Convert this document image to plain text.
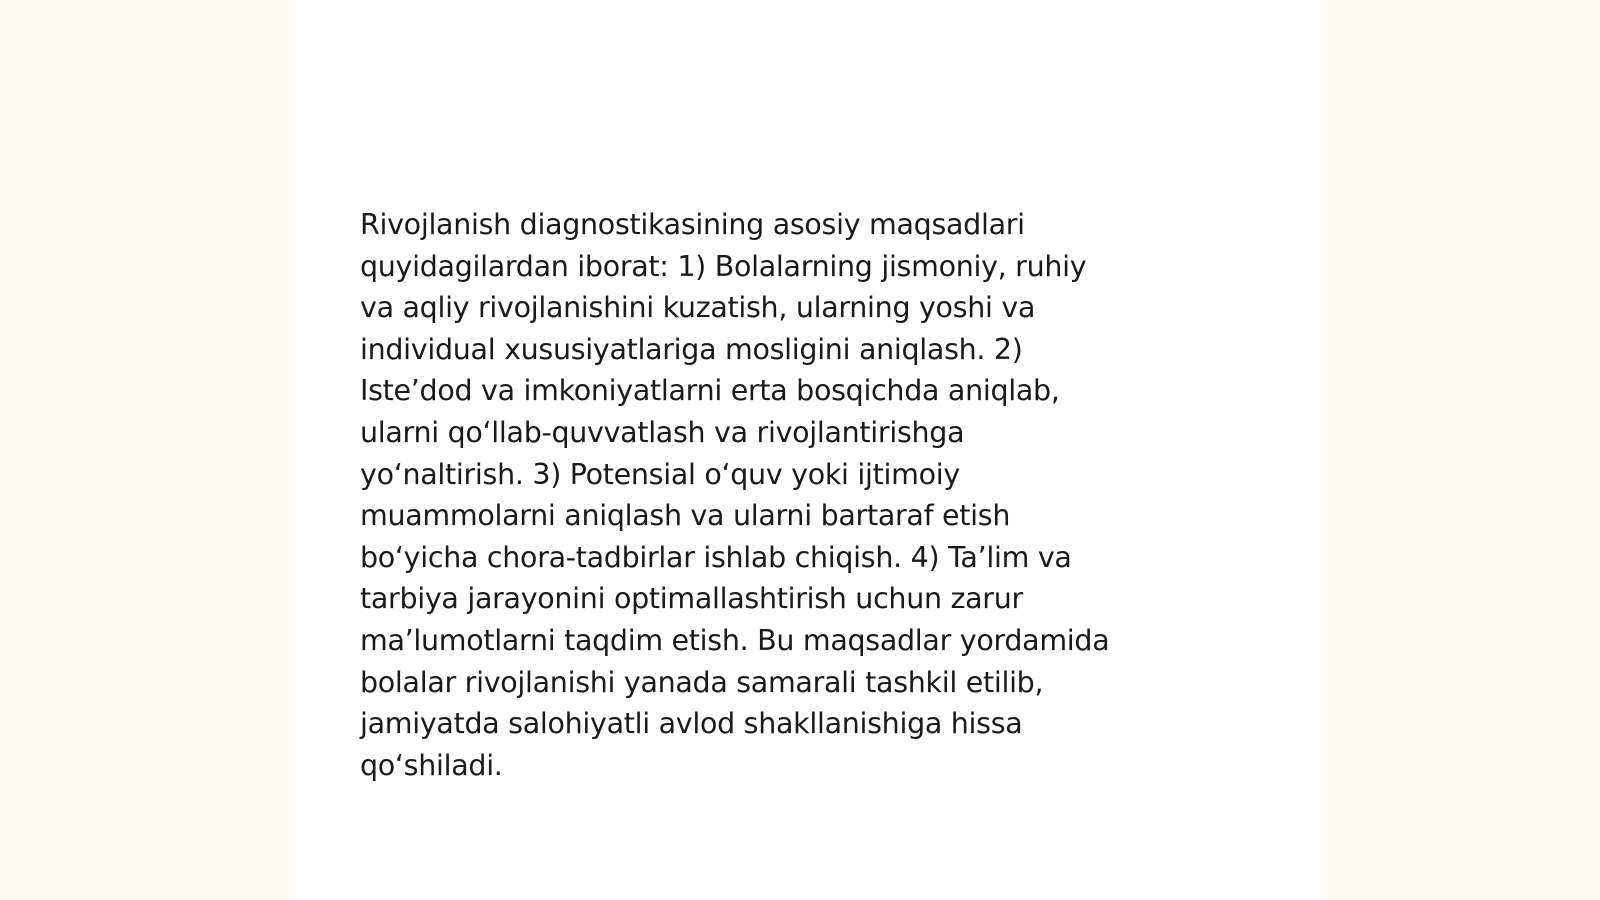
Rivojlanish diagnostikasining asosiy maqsadlari
quyidagilardan iborat: 1) Bolalarning jismoniy, ruhiy
va aqliy rivojlanishini kuzatish, ularning yoshi va
individual xususiyatlariga mosligini aniqlash. 2)
Iste’dod va imkoniyatlarni erta bosqichda aniqlab,
ularni qo‘llab-quvvatlash va rivojlantirishga
yo‘naltirish. 3) Potensial o‘quv yoki ijtimoiy
muammolarni aniqlash va ularni bartaraf etish
bo‘yicha chora-tadbirlar ishlab chiqish. 4) Ta’lim va
tarbiya jarayonini optimallashtirish uchun zarur
ma’lumotlarni taqdim etish. Bu maqsadlar yordamida
bolalar rivojlanishi yanada samarali tashkil etilib,
jamiyatda salohiyatli avlod shakllanishiga hissa
qo‘shiladi.
